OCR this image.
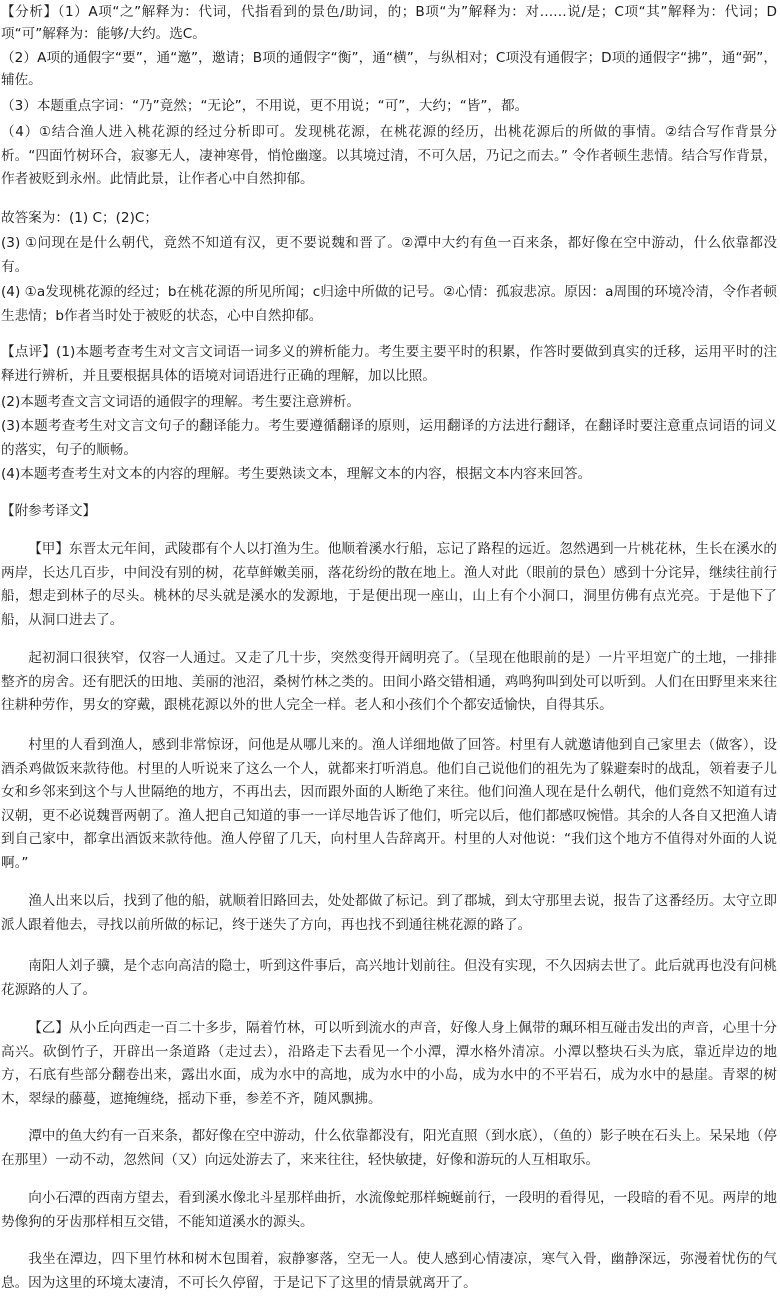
【分析】（1）A项“之”解释为：代词，代指看到的景色/助词，的；B项“为”解释为：对……说/是；C项“其”解释为：代词；D项“可”解释为：能够/大约。选C。

（2）A项的通假字“要”，通“邀”，邀请；B项的通假字“衡”，通“横”，与纵相对；C项没有通假字；D项的通假字“拂”，通“弼”，辅佐。

（3）本题重点字词：“乃”竟然；“无论”，不用说，更不用说；“可”，大约；“皆”，都。

（4）①结合渔人进入桃花源的经过分析即可。发现桃花源，在桃花源的经历，出桃花源后的所做的事情。②结合写作背景分析。“四面竹树环合，寂寥无人，凄神寒骨，悄怆幽邃。以其境过清，不可久居，乃记之而去。” 令作者顿生悲情。结合写作背景，作者被贬到永州。此情此景，让作者心中自然抑郁。

故答案为：(1) C；(2)C；

(3) ①问现在是什么朝代，竟然不知道有汉，更不要说魏和晋了。②潭中大约有鱼一百来条，都好像在空中游动，什么依靠都没有。

(4) ①a发现桃花源的经过；b在桃花源的所见所闻；c归途中所做的记号。②心情：孤寂悲凉。原因：a周围的环境冷清，令作者顿生悲情；b作者当时处于被贬的状态，心中自然抑郁。

【点评】(1)本题考查考生对文言文词语一词多义的辨析能力。考生要主要平时的积累，作答时要做到真实的迁移，运用平时的注释进行辨析，并且要根据具体的语境对词语进行正确的理解，加以比照。

(2)本题考查文言文词语的通假字的理解。考生要注意辨析。

(3)本题考查考生对文言文句子的翻译能力。考生要遵循翻译的原则，运用翻译的方法进行翻译，在翻译时要注意重点词语的词义的落实，句子的顺畅。

(4)本题考查考生对文本的内容的理解。考生要熟读文本，理解文本的内容，根据文本内容来回答。

【附参考译文】

【甲】东晋太元年间，武陵郡有个人以打渔为生。他顺着溪水行船，忘记了路程的远近。忽然遇到一片桃花林，生长在溪水的两岸，长达几百步，中间没有别的树，花草鲜嫩美丽，落花纷纷的散在地上。渔人对此（眼前的景色）感到十分诧异，继续往前行船，想走到林子的尽头。桃林的尽头就是溪水的发源地，于是便出现一座山，山上有个小洞口，洞里仿佛有点光亮。于是他下了船，从洞口进去了。

起初洞口很狭窄，仅容一人通过。又走了几十步，突然变得开阔明亮了。（呈现在他眼前的是）一片平坦宽广的土地，一排排整齐的房舍。还有肥沃的田地、美丽的池沼，桑树竹林之类的。田间小路交错相通，鸡鸣狗叫到处可以听到。人们在田野里来来往往耕种劳作，男女的穿戴，跟桃花源以外的世人完全一样。老人和小孩们个个都安适愉快，自得其乐。

村里的人看到渔人，感到非常惊讶，问他是从哪儿来的。渔人详细地做了回答。村里有人就邀请他到自己家里去（做客），设酒杀鸡做饭来款待他。村里的人听说来了这么一个人，就都来打听消息。他们自己说他们的祖先为了躲避秦时的战乱，领着妻子儿女和乡邻来到这个与人世隔绝的地方，不再出去，因而跟外面的人断绝了来往。他们问渔人现在是什么朝代，他们竟然不知道有过汉朝，更不必说魏晋两朝了。渔人把自己知道的事一一详尽地告诉了他们，听完以后，他们都感叹惋惜。其余的人各自又把渔人请到自己家中，都拿出酒饭来款待他。渔人停留了几天，向村里人告辞离开。村里的人对他说：“我们这个地方不值得对外面的人说啊。”

渔人出来以后，找到了他的船，就顺着旧路回去，处处都做了标记。到了郡城，到太守那里去说，报告了这番经历。太守立即派人跟着他去，寻找以前所做的标记，终于迷失了方向，再也找不到通往桃花源的路了。

南阳人刘子骥，是个志向高洁的隐士，听到这件事后，高兴地计划前往。但没有实现，不久因病去世了。此后就再也没有问桃花源路的人了。

【乙】从小丘向西走一百二十多步，隔着竹林，可以听到流水的声音，好像人身上佩带的珮环相互碰击发出的声音，心里十分高兴。砍倒竹子，开辟出一条道路（走过去），沿路走下去看见一个小潭，潭水格外清凉。小潭以整块石头为底，靠近岸边的地方，石底有些部分翻卷出来，露出水面，成为水中的高地，成为水中的小岛，成为水中的不平岩石，成为水中的悬崖。青翠的树木，翠绿的藤蔓，遮掩缠绕，摇动下垂，参差不齐，随风飘拂。

潭中的鱼大约有一百来条，都好像在空中游动，什么依靠都没有，阳光直照（到水底），（鱼的）影子映在石头上。呆呆地（停在那里）一动不动，忽然间（又）向远处游去了，来来往往，轻快敏捷，好像和游玩的人互相取乐。

向小石潭的西南方望去，看到溪水像北斗星那样曲折，水流像蛇那样蜿蜒前行，一段明的看得见，一段暗的看不见。两岸的地势像狗的牙齿那样相互交错，不能知道溪水的源头。

我坐在潭边，四下里竹林和树木包围着，寂静寥落，空无一人。使人感到心情凄凉，寒气入骨，幽静深远，弥漫着忧伤的气息。因为这里的环境太凄清，不可长久停留，于是记下了这里的情景就离开了。
